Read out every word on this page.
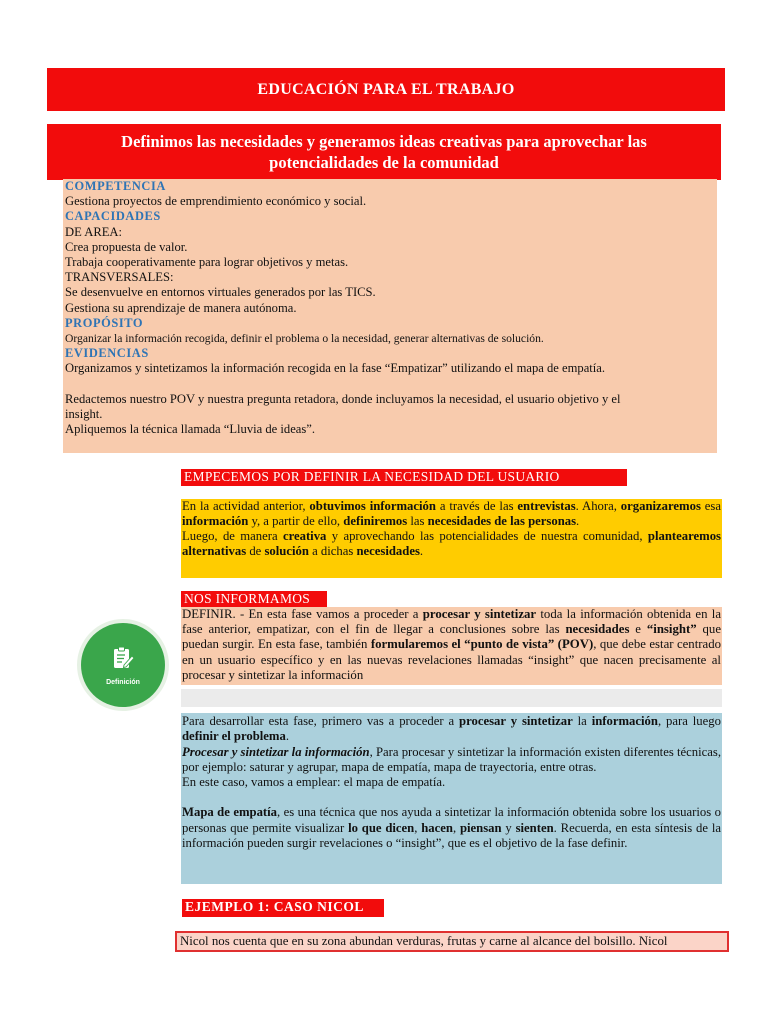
EDUCACIÓN PARA EL TRABAJO
Definimos las necesidades y generamos ideas creativas para aprovechar las
potencialidades de la comunidad
COMPETENCIA
Gestiona proyectos de emprendimiento económico y social.
CAPACIDADES
DE AREA:
Crea propuesta de valor.
Trabaja cooperativamente para lograr objetivos y metas.
TRANSVERSALES:
Se desenvuelve en entornos virtuales generados por las TICS.
Gestiona su aprendizaje de manera autónoma.
PROPÓSITO
Organizar la información recogida, definir el problema o la necesidad, generar alternativas de solución.
EVIDENCIAS
Organizamos y sintetizamos la información recogida en la fase “Empatizar” utilizando el mapa de empatía.
Redactemos nuestro POV y nuestra pregunta retadora, donde incluyamos la necesidad, el usuario objetivo y el
insight.
Apliquemos la técnica llamada “Lluvia de ideas”.
EMPECEMOS POR DEFINIR LA NECESIDAD DEL USUARIO
En la actividad anterior, obtuvimos información a través de las entrevistas. Ahora, organizaremos esa información y, a partir de ello, definiremos las necesidades de las personas.
Luego, de manera creativa y aprovechando las potencialidades de nuestra comunidad, plantearemos alternativas de solución a dichas necesidades.
NOS INFORMAMOS
DEFINIR. - En esta fase vamos a proceder a procesar y sintetizar toda la información obtenida en la fase anterior, empatizar, con el fin de llegar a conclusiones sobre las necesidades e “insight” que puedan surgir. En esta fase, también formularemos el “punto de vista” (POV), que debe estar centrado en un usuario específico y en las nuevas revelaciones llamadas “insight” que nacen precisamente al procesar y sintetizar la información
Definición
Para desarrollar esta fase, primero vas a proceder a procesar y sintetizar la información, para luego definir el problema.
Procesar y sintetizar la información, Para procesar y sintetizar la información existen diferentes técnicas, por ejemplo: saturar y agrupar, mapa de empatía, mapa de trayectoria, entre otras.
En este caso, vamos a emplear: el mapa de empatía.
Mapa de empatía, es una técnica que nos ayuda a sintetizar la información obtenida sobre los usuarios o personas que permite visualizar lo que dicen, hacen, piensan y sienten. Recuerda, en esta síntesis de la información pueden surgir revelaciones o “insight”, que es el objetivo de la fase definir.
EJEMPLO 1: CASO NICOL
Nicol nos cuenta que en su zona abundan verduras, frutas y carne al alcance del bolsillo. Nicol
